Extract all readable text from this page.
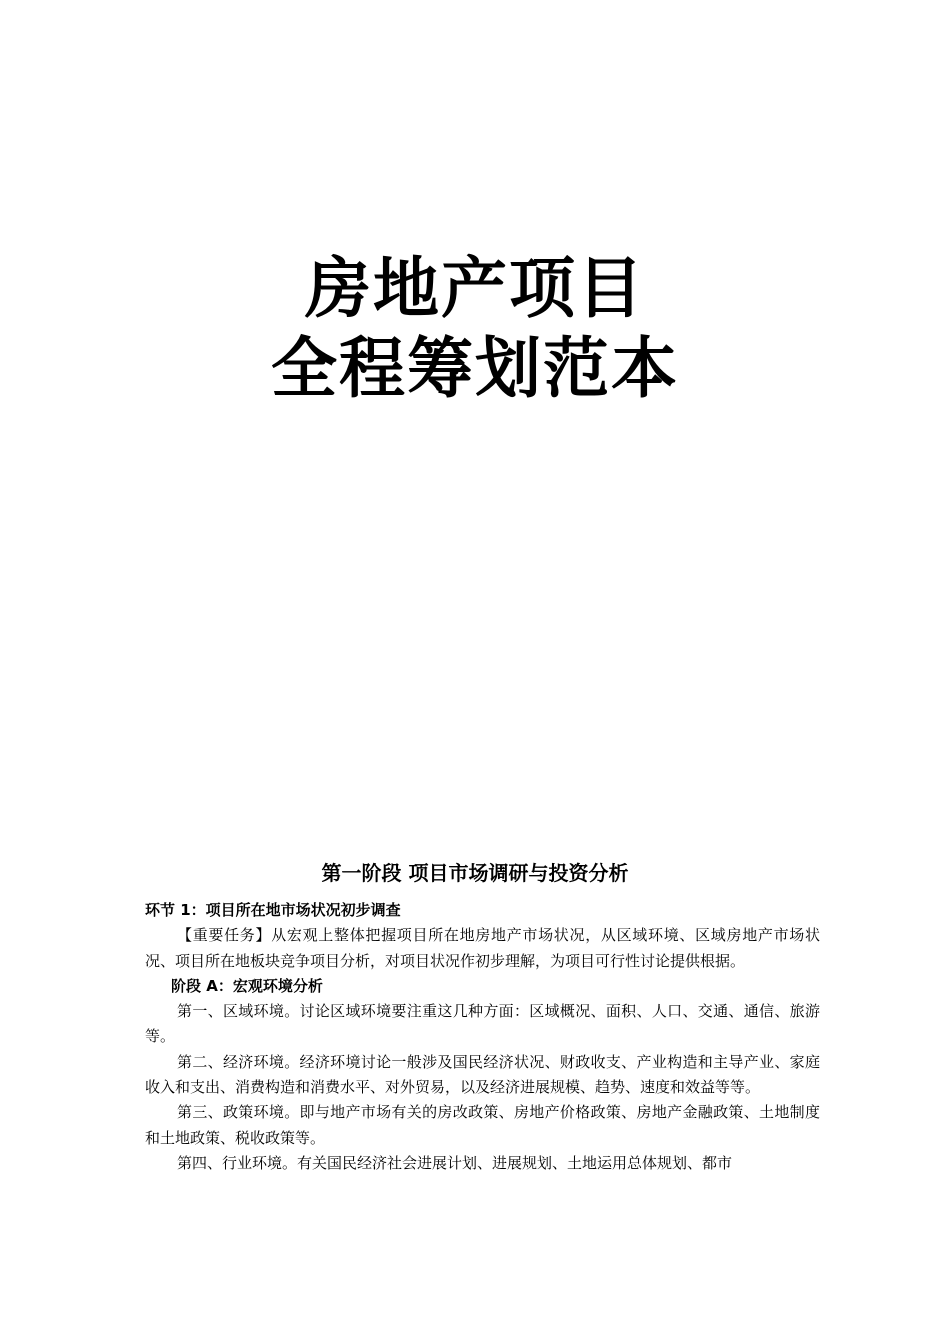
房地产项目
全程筹划范本
第一阶段 项目市场调研与投资分析

环节 1：项目所在地市场状况初步调查

【重要任务】从宏观上整体把握项目所在地房地产市场状况，从区域环境、区域房地产市场状况、项目所在地板块竞争项目分析，对项目状况作初步理解，为项目可行性讨论提供根据。

阶段 A：宏观环境分析

第一、区域环境。讨论区域环境要注重这几种方面：区域概况、面积、人口、交通、通信、旅游等。

第二、经济环境。经济环境讨论一般涉及国民经济状况、财政收支、产业构造和主导产业、家庭收入和支出、消费构造和消费水平、对外贸易，以及经济进展规模、趋势、速度和效益等等。

第三、政策环境。即与地产市场有关的房改政策、房地产价格政策、房地产金融政策、土地制度和土地政策、税收政策等。

第四、行业环境。有关国民经济社会进展计划、进展规划、土地运用总体规划、都市
